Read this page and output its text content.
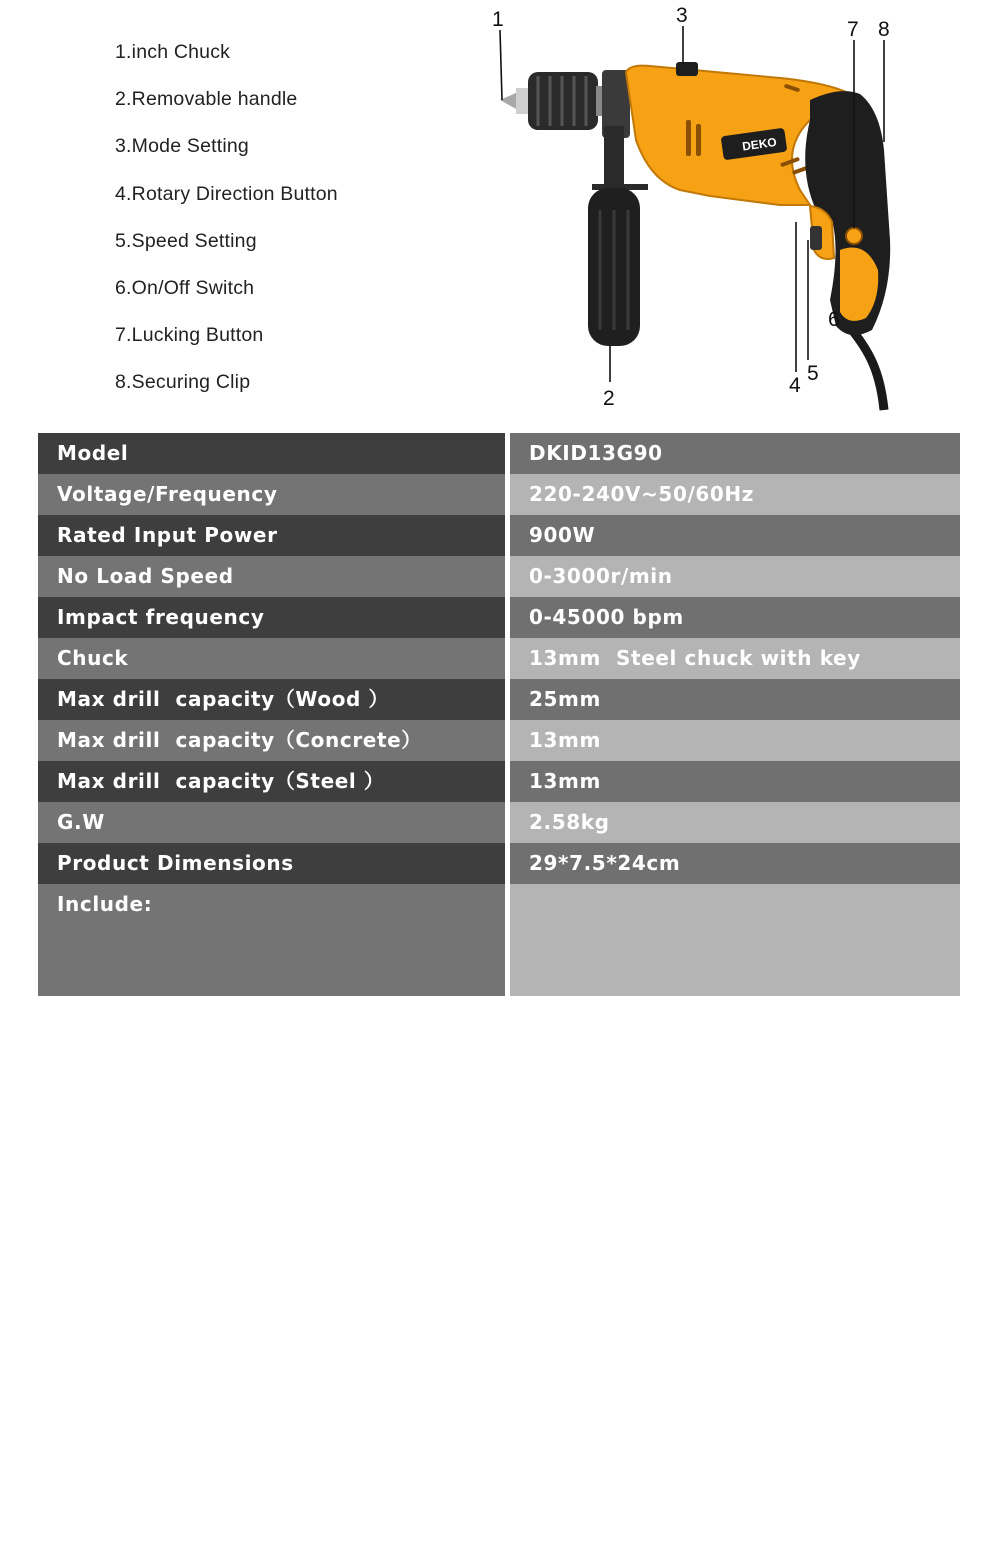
1.inch Chuck
2.Removable handle
3.Mode Setting
4.Rotary Direction Button
5.Speed Setting
6.On/Off Switch
7.Lucking Button
8.Securing Clip
DEKO
1
2
3
4
5
6
7 8
Model	DKID13G90
Voltage/Frequency	220-240V~50/60Hz
Rated Input Power	900W
No Load Speed	0-3000r/min
Impact frequency	0-45000 bpm
Chuck	13mm  Steel chuck with key
Max drill  capacity（Wood ）	25mm
Max drill  capacity（Concrete）	13mm
Max drill  capacity（Steel ）	13mm
G.W	2.58kg
Product Dimensions	29*7.5*24cm
Include:

1* auxiliary handle

1* chuck key

1* depth gauge

1 pair of carbon brush
